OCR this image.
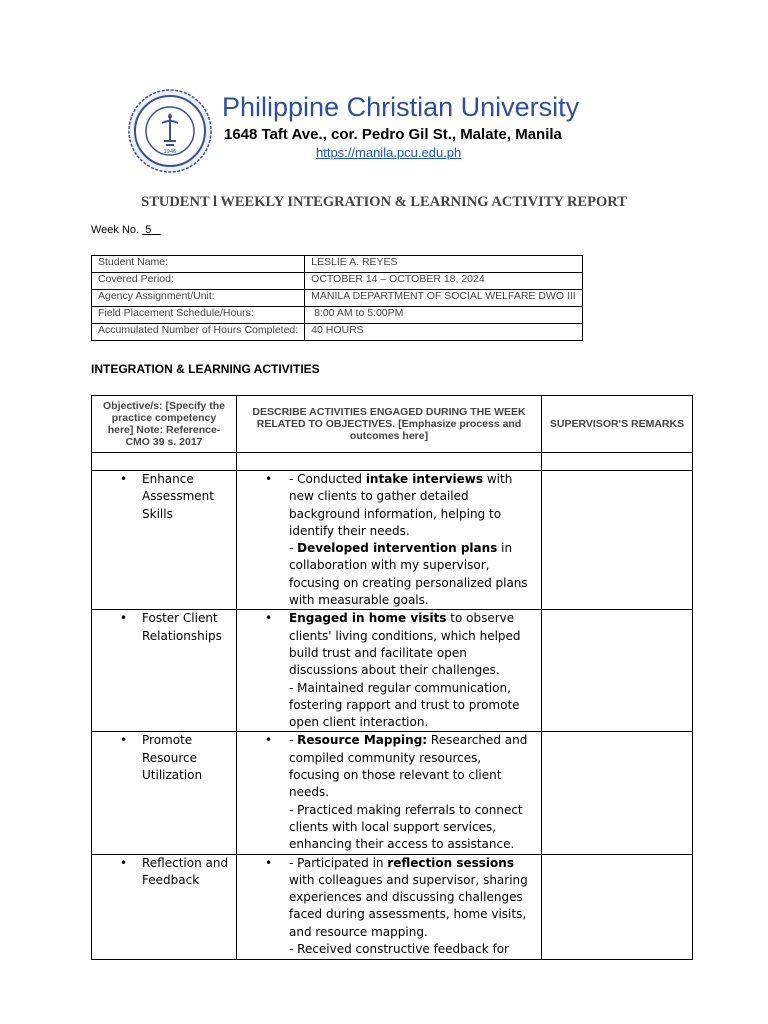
1946
Philippine Christian University
1648 Taft Ave., cor. Pedro Gil St., Malate, Manila
https://manila.pcu.edu.ph
STUDENT l WEEKLY INTEGRATION & LEARNING ACTIVITY REPORT
Week No. 5
Student Name:	LESLIE A. REYES
Covered Period:	OCTOBER 14 – OCTOBER 18, 2024
Agency Assignment/Unit:	MANILA DEPARTMENT OF SOCIAL WELFARE DWO III
Field Placement Schedule/Hours:	8:00 AM to 5:00PM
Accumulated Number of Hours Completed:	40 HOURS
INTEGRATION & LEARNING ACTIVITIES
Objective/s: [Specify the practice competency here] Note: Reference-CMO 39 s. 2017	DESCRIBE ACTIVITIES ENGAGED DURING THE WEEK RELATED TO OBJECTIVES. [Emphasize process and outcomes here]	SUPERVISOR'S REMARKS

• Enhance Assessment Skills	• - Conducted intake interviews with new clients to gather detailed background information, helping to identify their needs.
- Developed intervention plans in collaboration with my supervisor, focusing on creating personalized plans with measurable goals.	

• Foster Client Relationships	• Engaged in home visits to observe clients' living conditions, which helped build trust and facilitate open discussions about their challenges.
- Maintained regular communication, fostering rapport and trust to promote open client interaction.	

• Promote Resource Utilization	• - Resource Mapping: Researched and compiled community resources, focusing on those relevant to client needs.
- Practiced making referrals to connect clients with local support services, enhancing their access to assistance.	

• Reflection and Feedback	• - Participated in reflection sessions with colleagues and supervisor, sharing experiences and discussing challenges faced during assessments, home visits, and resource mapping.
- Received constructive feedback for	
